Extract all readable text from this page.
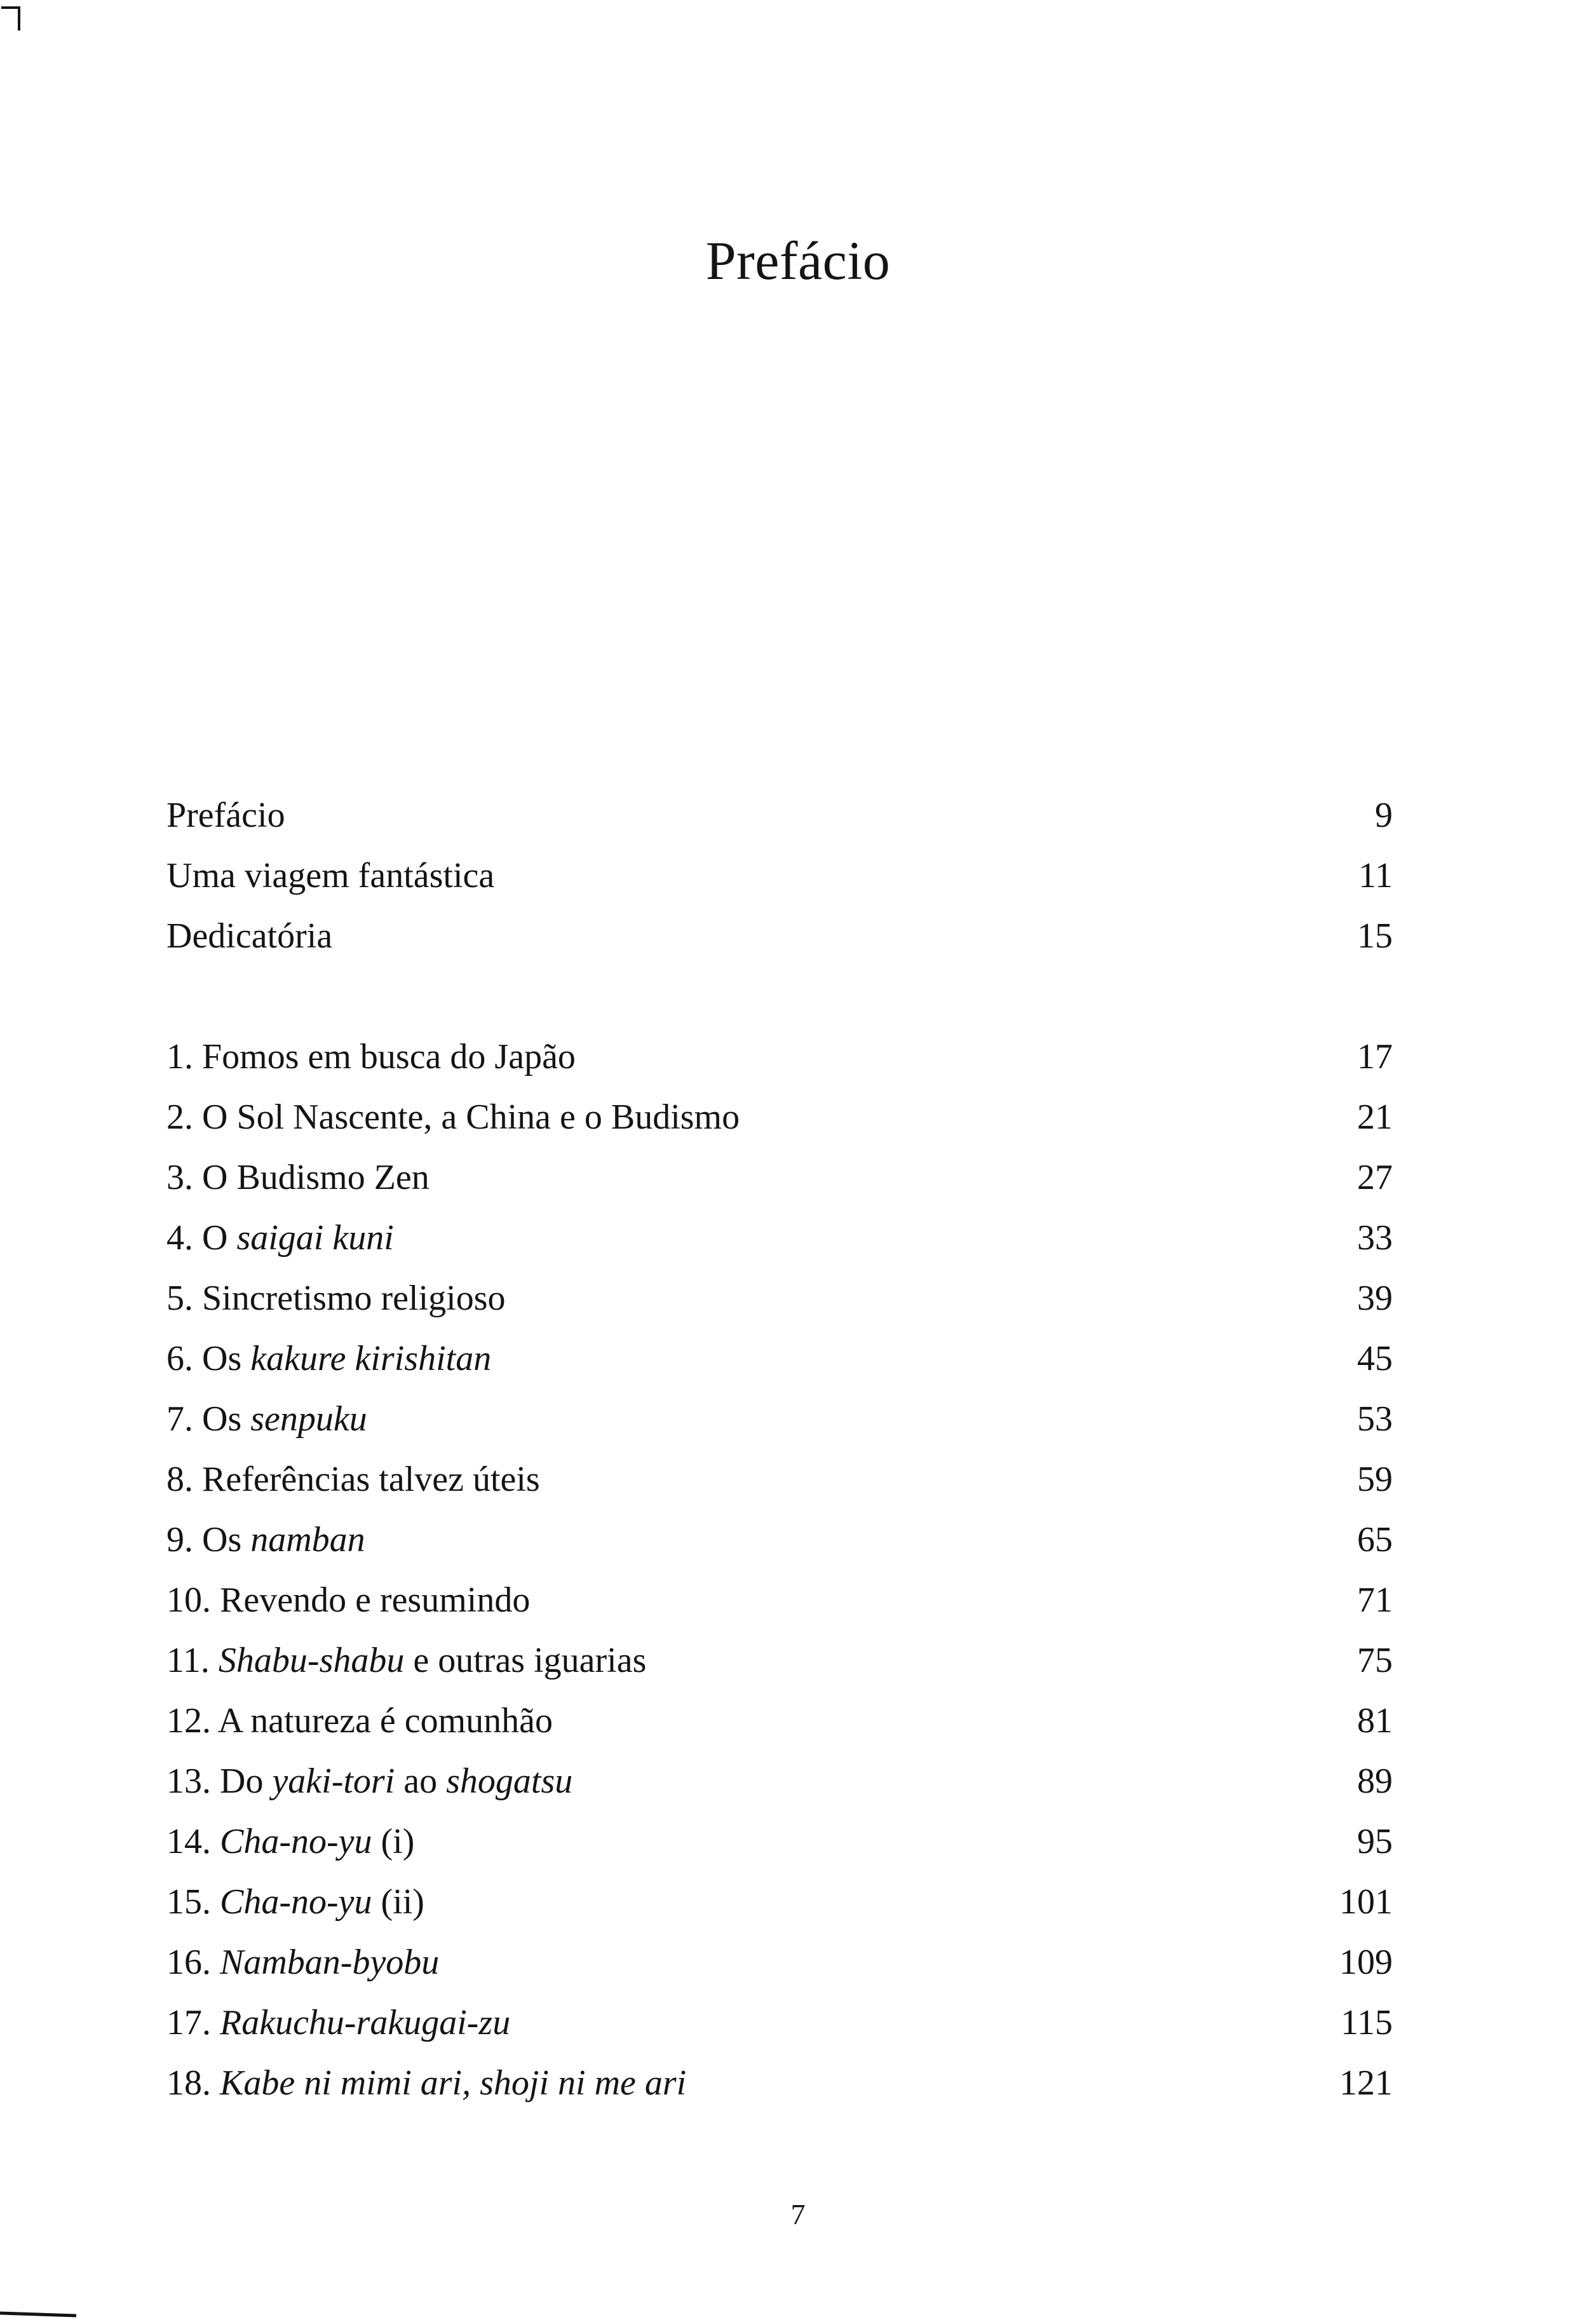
Prefácio
Prefácio	9
Uma viagem fantástica	11
Dedicatória	15
1. Fomos em busca do Japão	17
2. O Sol Nascente, a China e o Budismo	21
3. O Budismo Zen	27
4. O saigai kuni	33
5. Sincretismo religioso	39
6. Os kakure kirishitan	45
7. Os senpuku	53
8. Referências talvez úteis	59
9. Os namban	65
10. Revendo e resumindo	71
11. Shabu-shabu e outras iguarias	75
12. A natureza é comunhão	81
13. Do yaki-tori ao shogatsu	89
14. Cha-no-yu (i)	95
15. Cha-no-yu (ii)	101
16. Namban-byobu	109
17. Rakuchu-rakugai-zu	115
18. Kabe ni mimi ari, shoji ni me ari	121
7
